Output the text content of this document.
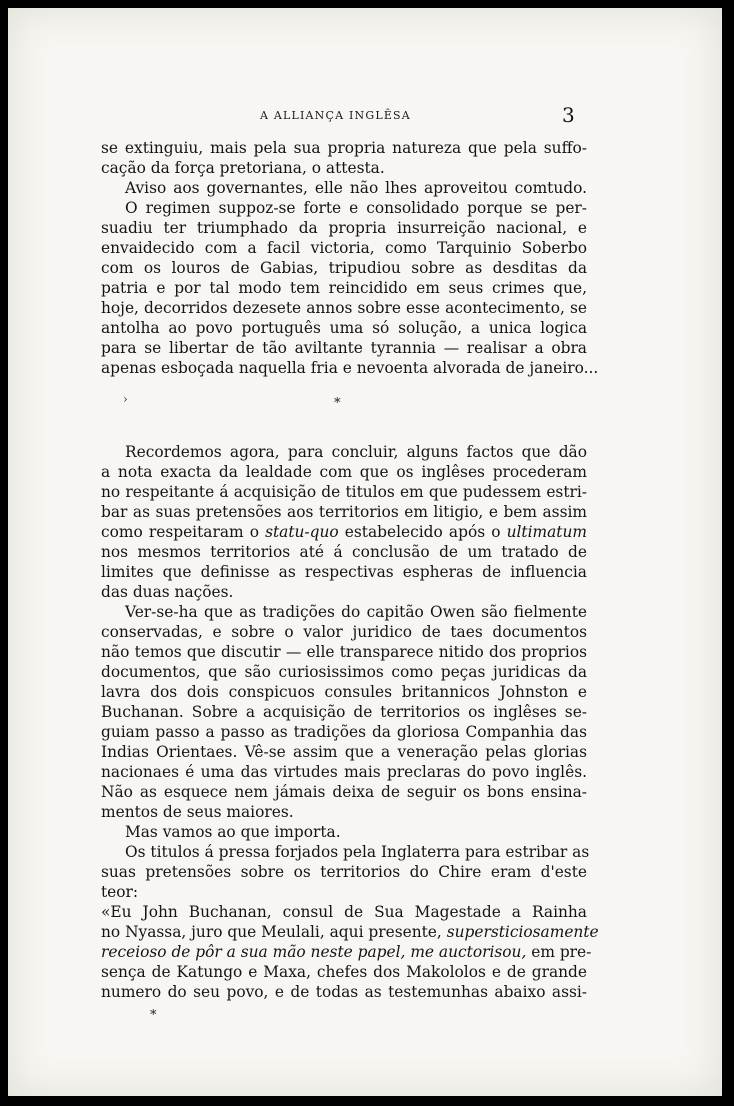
A ALLIANÇA INGLÊSA	3
se extinguiu, mais pela sua propria natureza que pela suffo-
cação da força pretoriana, o attesta.
Aviso aos governantes, elle não lhes aproveitou comtudo.
O regimen suppoz-se forte e consolidado porque se per-
suadiu ter triumphado da propria insurreição nacional, e
envaidecido com a facil victoria, como Tarquinio Soberbo
com os louros de Gabias, tripudiou sobre as desditas da
patria e por tal modo tem reincidido em seus crimes que,
hoje, decorridos dezesete annos sobre esse acontecimento, se
antolha ao povo português uma só solução, a unica logica
para se libertar de tão aviltante tyrannia — realisar a obra
apenas esboçada naquella fria e nevoenta alvorada de janeiro...
›	*
Recordemos agora, para concluir, alguns factos que dão
a nota exacta da lealdade com que os inglêses procederam
no respeitante á acquisição de titulos em que pudessem estri-
bar as suas pretensões aos territorios em litigio, e bem assim
como respeitaram o statu-quo estabelecido após o ultimatum
nos mesmos territorios até á conclusão de um tratado de
limites que definisse as respectivas espheras de influencia
das duas nações.
Ver-se-ha que as tradições do capitão Owen são fielmente
conservadas, e sobre o valor juridico de taes documentos
não temos que discutir — elle transparece nitido dos proprios
documentos, que são curiosissimos como peças juridicas da
lavra dos dois conspicuos consules britannicos Johnston e
Buchanan. Sobre a acquisição de territorios os inglêses se-
guiam passo a passo as tradições da gloriosa Companhia das
Indias Orientaes. Vê-se assim que a veneração pelas glorias
nacionaes é uma das virtudes mais preclaras do povo inglês.
Não as esquece nem jámais deixa de seguir os bons ensina-
mentos de seus maiores.
Mas vamos ao que importa.
Os titulos á pressa forjados pela Inglaterra para estribar as
suas pretensões sobre os territorios do Chire eram d'este
teor:
«Eu John Buchanan, consul de Sua Magestade a Rainha
no Nyassa, juro que Meulali, aqui presente, supersticiosamente
receioso de pôr a sua mão neste papel, me auctorisou, em pre-
sença de Katungo e Maxa, chefes dos Makololos e de grande
numero do seu povo, e de todas as testemunhas abaixo assi-
*
